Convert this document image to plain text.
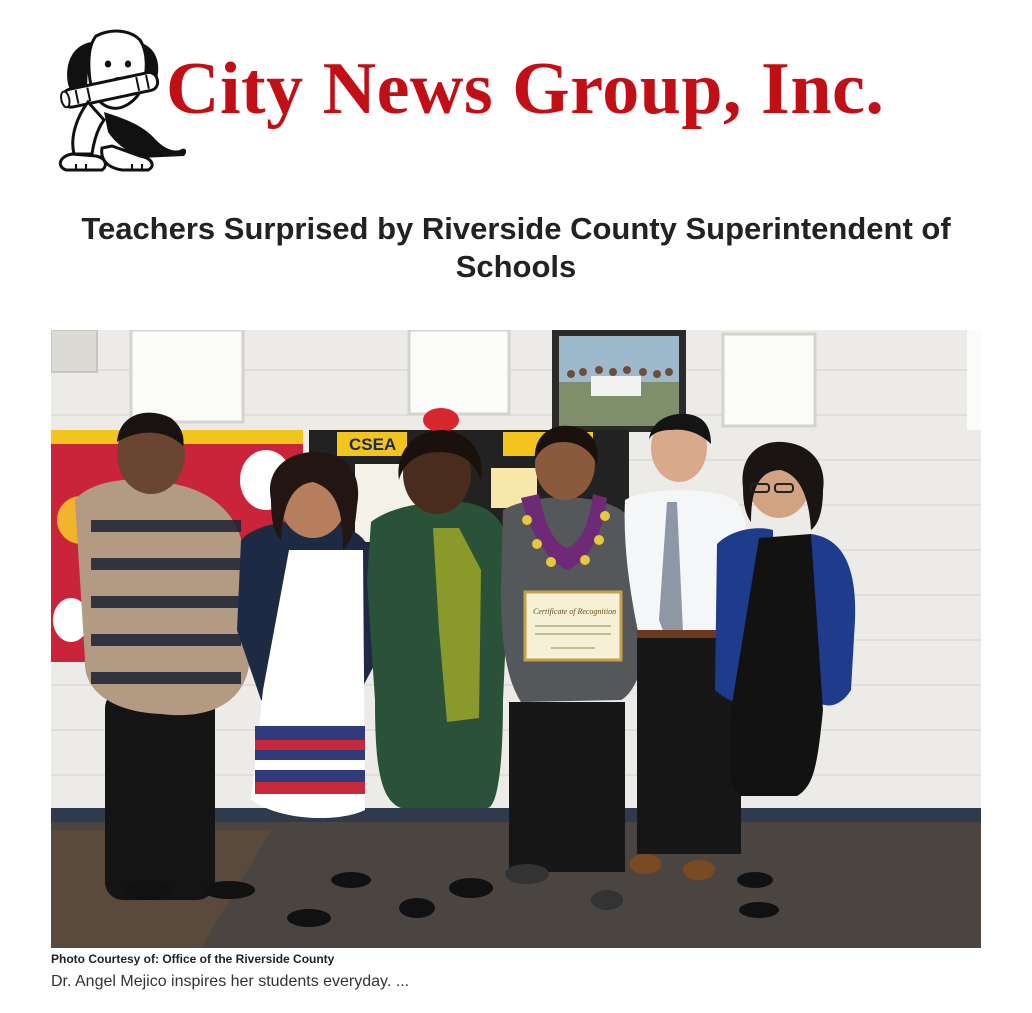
City News Group, Inc.
Teachers Surprised by Riverside County Superintendent of Schools
CSEA
Certificate of Recognition
Photo Courtesy of: Office of the Riverside County
Dr. Angel Mejico inspires her students everyday. ...
